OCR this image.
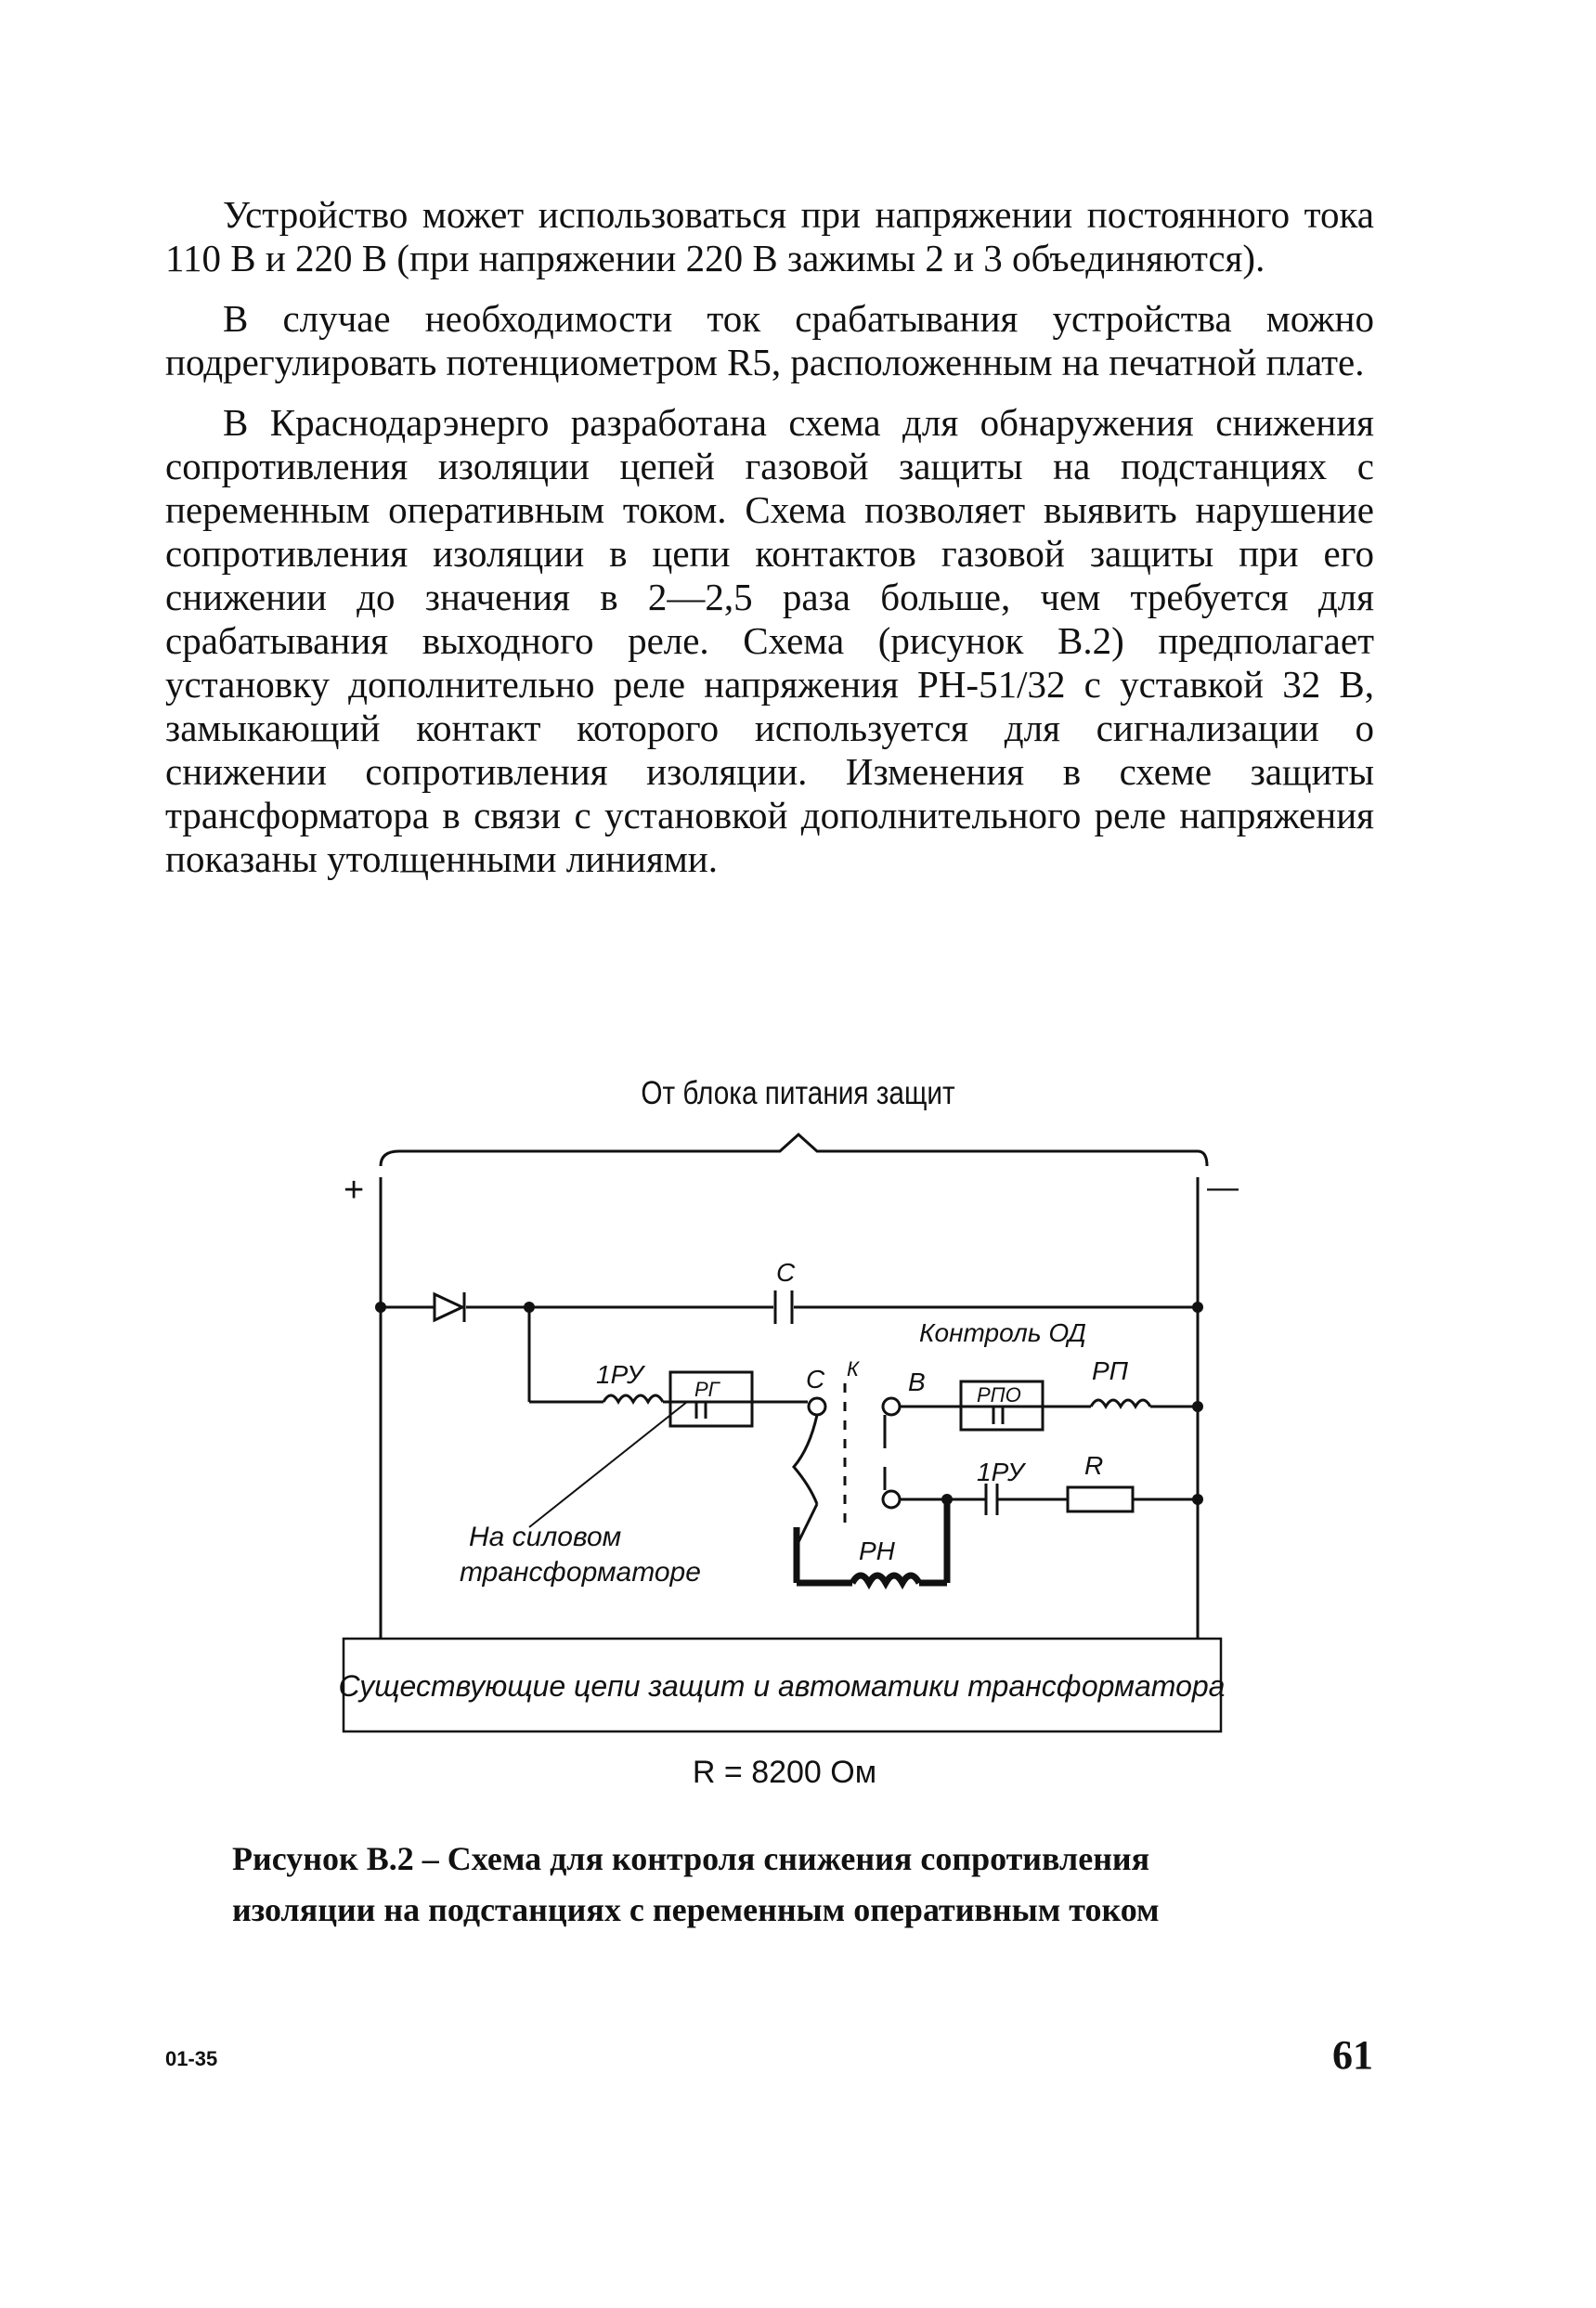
Устройство может использоваться при напряжении постоянного тока 110 В и 220 В (при напряжении 220 В зажимы 2 и 3 объединяются).

В случае необходимости ток срабатывания устройства можно подрегулировать потенциометром R5, расположенным на печатной плате.

В Краснодарэнерго разработана схема для обнаружения снижения сопротивления изоляции цепей газовой защиты на подстанциях с переменным оперативным током. Схема позволяет выявить нарушение сопротивления изоляции в цепи контактов газовой защиты при его снижении до значения в 2—2,5 раза больше, чем требуется для срабатывания выходного реле. Схема (рисунок В.2) предполагает установку дополнительно реле напряжения РН-51/32 с уставкой 32 В, замыкающий контакт которого используется для сигнализации о снижении сопротивления изоляции. Изменения в схеме защиты трансформатора в связи с установкой дополнительного реле напряжения показаны утолщенными линиями.

От блока питания защит
+	—
C
Контроль ОД
1РУ
РГ	С К В	РПО
РП
1РУ R
РН
На силовом
трансформаторе
Существующие цепи защит и автоматики трансформатора
R = 8200 Ом
Рисунок В.2 – Схема для контроля снижения сопротивления
изоляции на подстанциях с переменным оперативным током
01-35	61
